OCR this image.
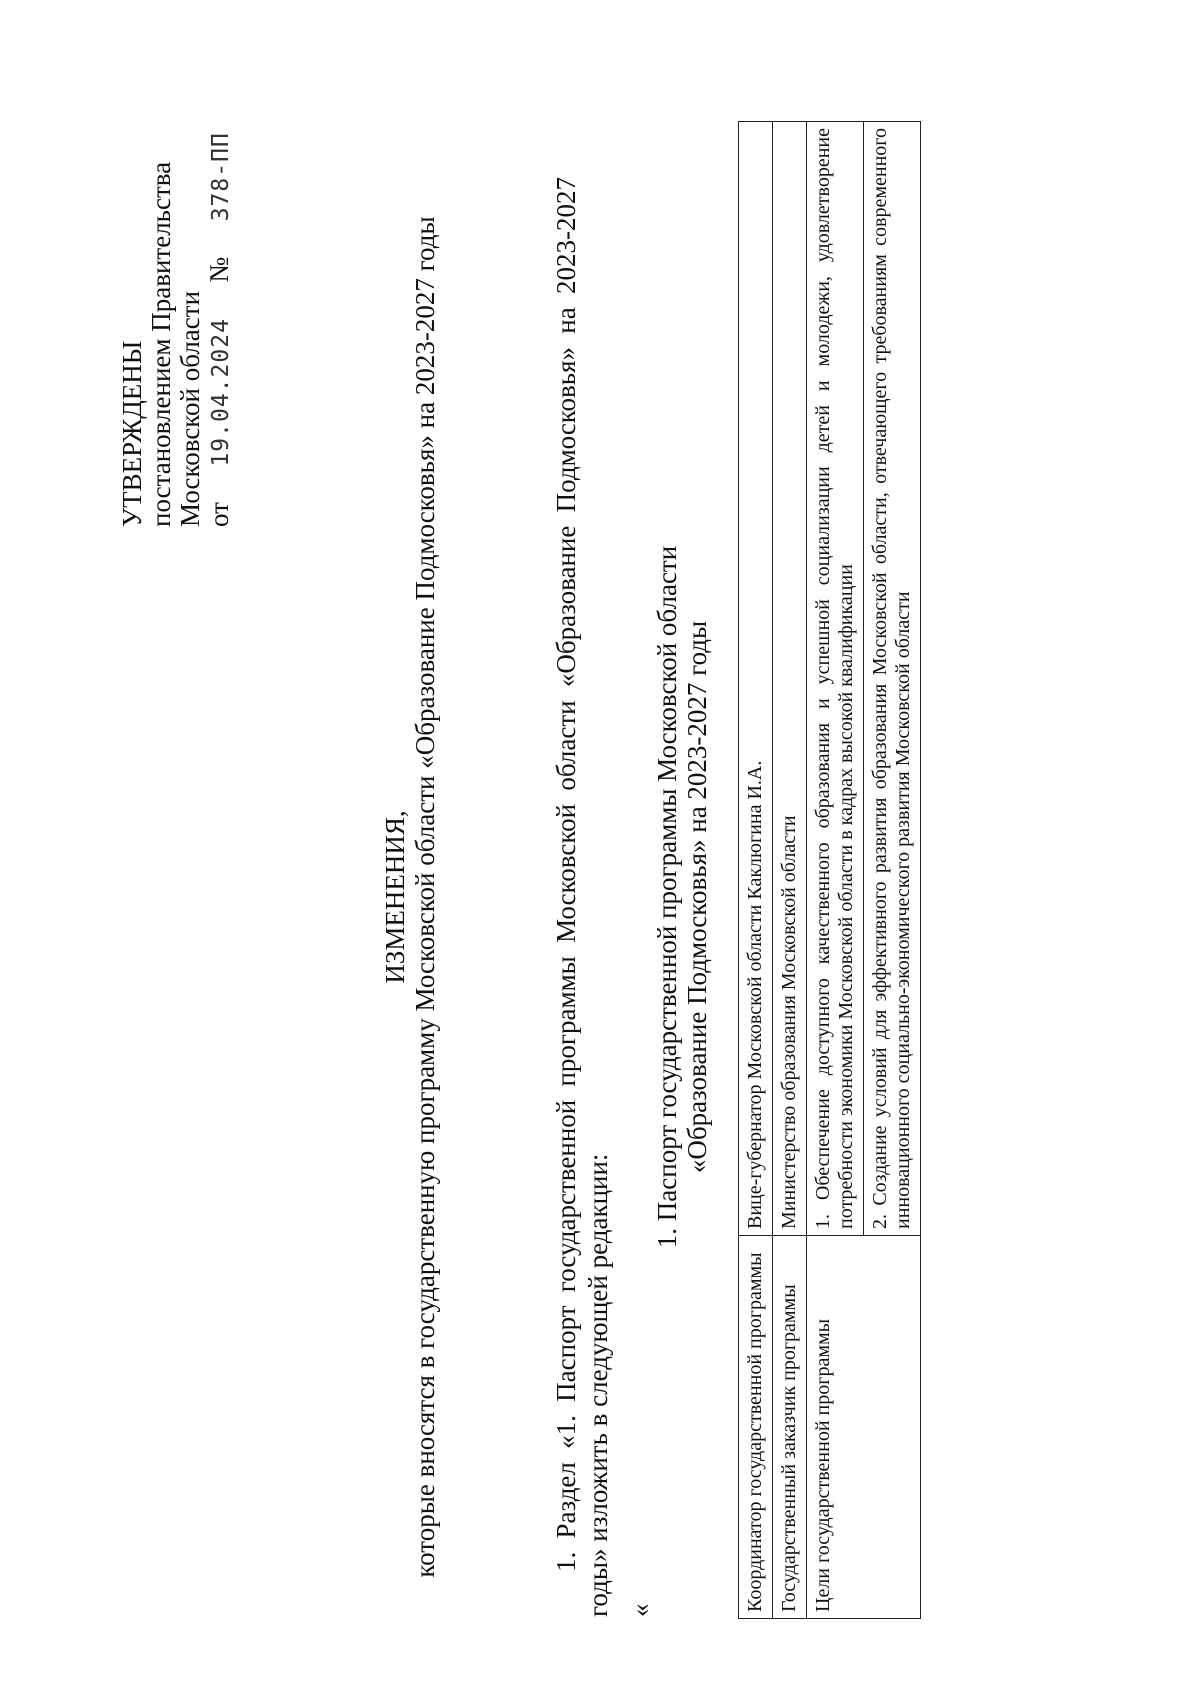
УТВЕРЖДЕНЫ постановлением Правительства Московской области от  19.04.2024  №  378-ПП
ИЗМЕНЕНИЯ, которые вносятся в государственную программу Московской области «Образование Подмосковья» на 2023-2027 годы	1. Раздел «1. Паспорт государственной программы Московской области «Образование Подмосковья» на 2023-2027 годы» изложить в следующей редакции: «
1. Паспорт государственной программы Московской области «Образование Подмосковья» на 2023-2027 годы
Координатор государственной программы	Вице-губернатор Московской области Каклюгина И.А.
Государственный заказчик программы	Министерство образования Московской области
Цели государственной программы	1. Обеспечение доступного качественного образования и успешной социализации детей и молодежи, удовлетворение потребности экономики Московской области в кадрах высокой квалификации
	2. Создание условий для эффективного развития образования Московской области, отвечающего требованиям современного инновационного социально-экономического развития Московской области
